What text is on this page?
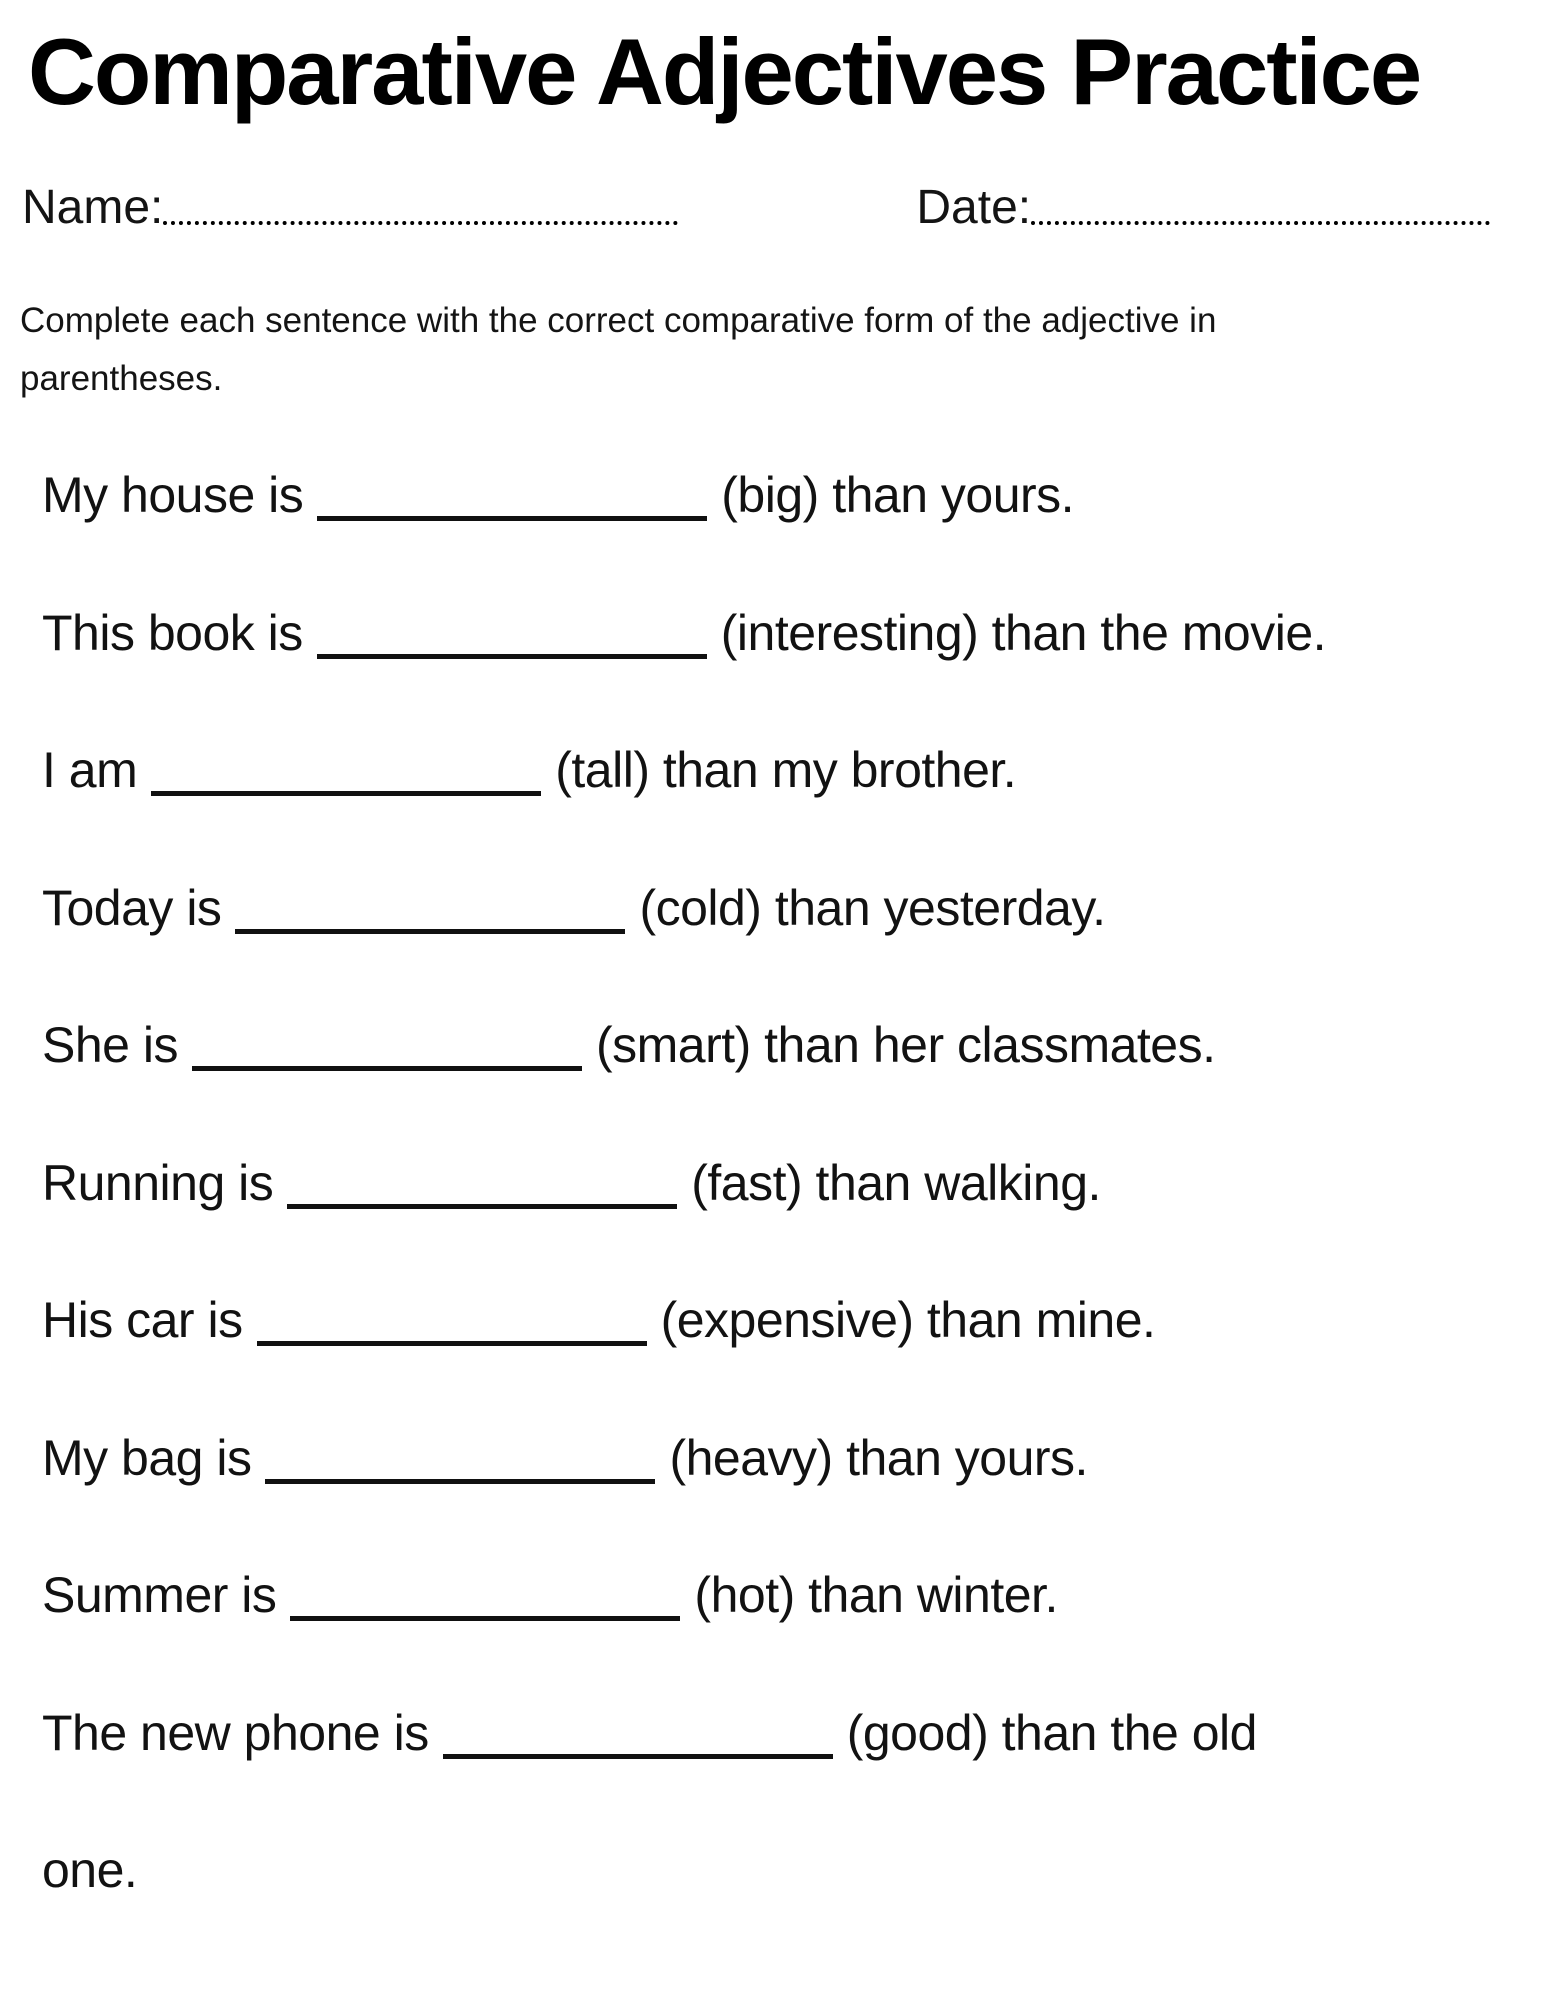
Comparative Adjectives Practice
Name:	Date:
Complete each sentence with the correct comparative form of the adjective in
parentheses.
My house is	(big) than yours.
This book is	(interesting) than the movie.
I am	(tall) than my brother.
Today is	(cold) than yesterday.
She is	(smart) than her classmates.
Running is	(fast) than walking.
His car is	(expensive) than mine.
My bag is	(heavy) than yours.
Summer is	(hot) than winter.
The new phone is	(good) than the old
one.
